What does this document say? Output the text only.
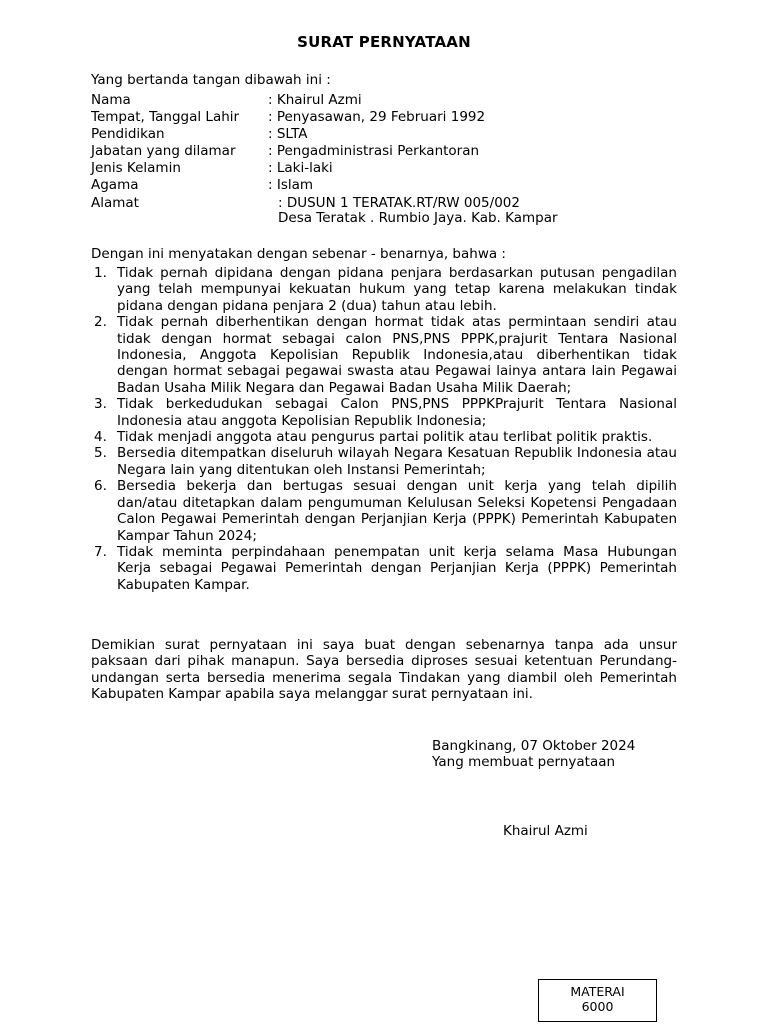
SURAT PERNYATAAN
Yang bertanda tangan dibawah ini :
Nama	: Khairul Azmi
Tempat, Tanggal Lahir : Penyasawan, 29 Februari 1992
Pendidikan	: SLTA
Jabatan yang dilamar : Pengadministrasi Perkantoran
Jenis Kelamin	: Laki-laki
Agama	: Islam
Alamat	: DUSUN 1 TERATAK.RT/RW 005/002
Desa Teratak . Rumbio Jaya. Kab. Kampar
Dengan ini menyatakan dengan sebenar - benarnya, bahwa :
1. Tidak pernah dipidana dengan pidana penjara berdasarkan putusan pengadilan yang telah mempunyai kekuatan hukum yang tetap karena melakukan tindak pidana dengan pidana penjara 2 (dua) tahun atau lebih.
2. Tidak pernah diberhentikan dengan hormat tidak atas permintaan sendiri atau tidak dengan hormat sebagai calon PNS,PNS PPPK,prajurit Tentara Nasional Indonesia, Anggota Kepolisian Republik Indonesia,atau diberhentikan tidak dengan hormat sebagai pegawai swasta atau Pegawai lainya antara lain Pegawai Badan Usaha Milik Negara dan Pegawai Badan Usaha Milik Daerah;
3. Tidak berkedudukan sebagai Calon PNS,PNS PPPKPrajurit Tentara Nasional Indonesia atau anggota Kepolisian Republik Indonesia;
4. Tidak menjadi anggota atau pengurus partai politik atau terlibat politik praktis.
5. Bersedia ditempatkan diseluruh wilayah Negara Kesatuan Republik Indonesia atau Negara lain yang ditentukan oleh Instansi Pemerintah;
6. Bersedia bekerja dan bertugas sesuai dengan unit kerja yang telah dipilih dan/atau ditetapkan dalam pengumuman Kelulusan Seleksi Kopetensi Pengadaan Calon Pegawai Pemerintah dengan Perjanjian Kerja (PPPK) Pemerintah Kabupaten Kampar Tahun 2024;
7. Tidak meminta perpindahaan penempatan unit kerja selama Masa Hubungan Kerja sebagai Pegawai Pemerintah dengan Perjanjian Kerja (PPPK) Pemerintah Kabupaten Kampar.
Demikian surat pernyataan ini saya buat dengan sebenarnya tanpa ada unsur paksaan dari pihak manapun. Saya bersedia diproses sesuai ketentuan Perundang-undangan serta bersedia menerima segala Tindakan yang diambil oleh Pemerintah Kabupaten Kampar apabila saya melanggar surat pernyataan ini.
Bangkinang, 07 Oktober 2024
Yang membuat pernyataan
Khairul Azmi
MATERAI
6000
